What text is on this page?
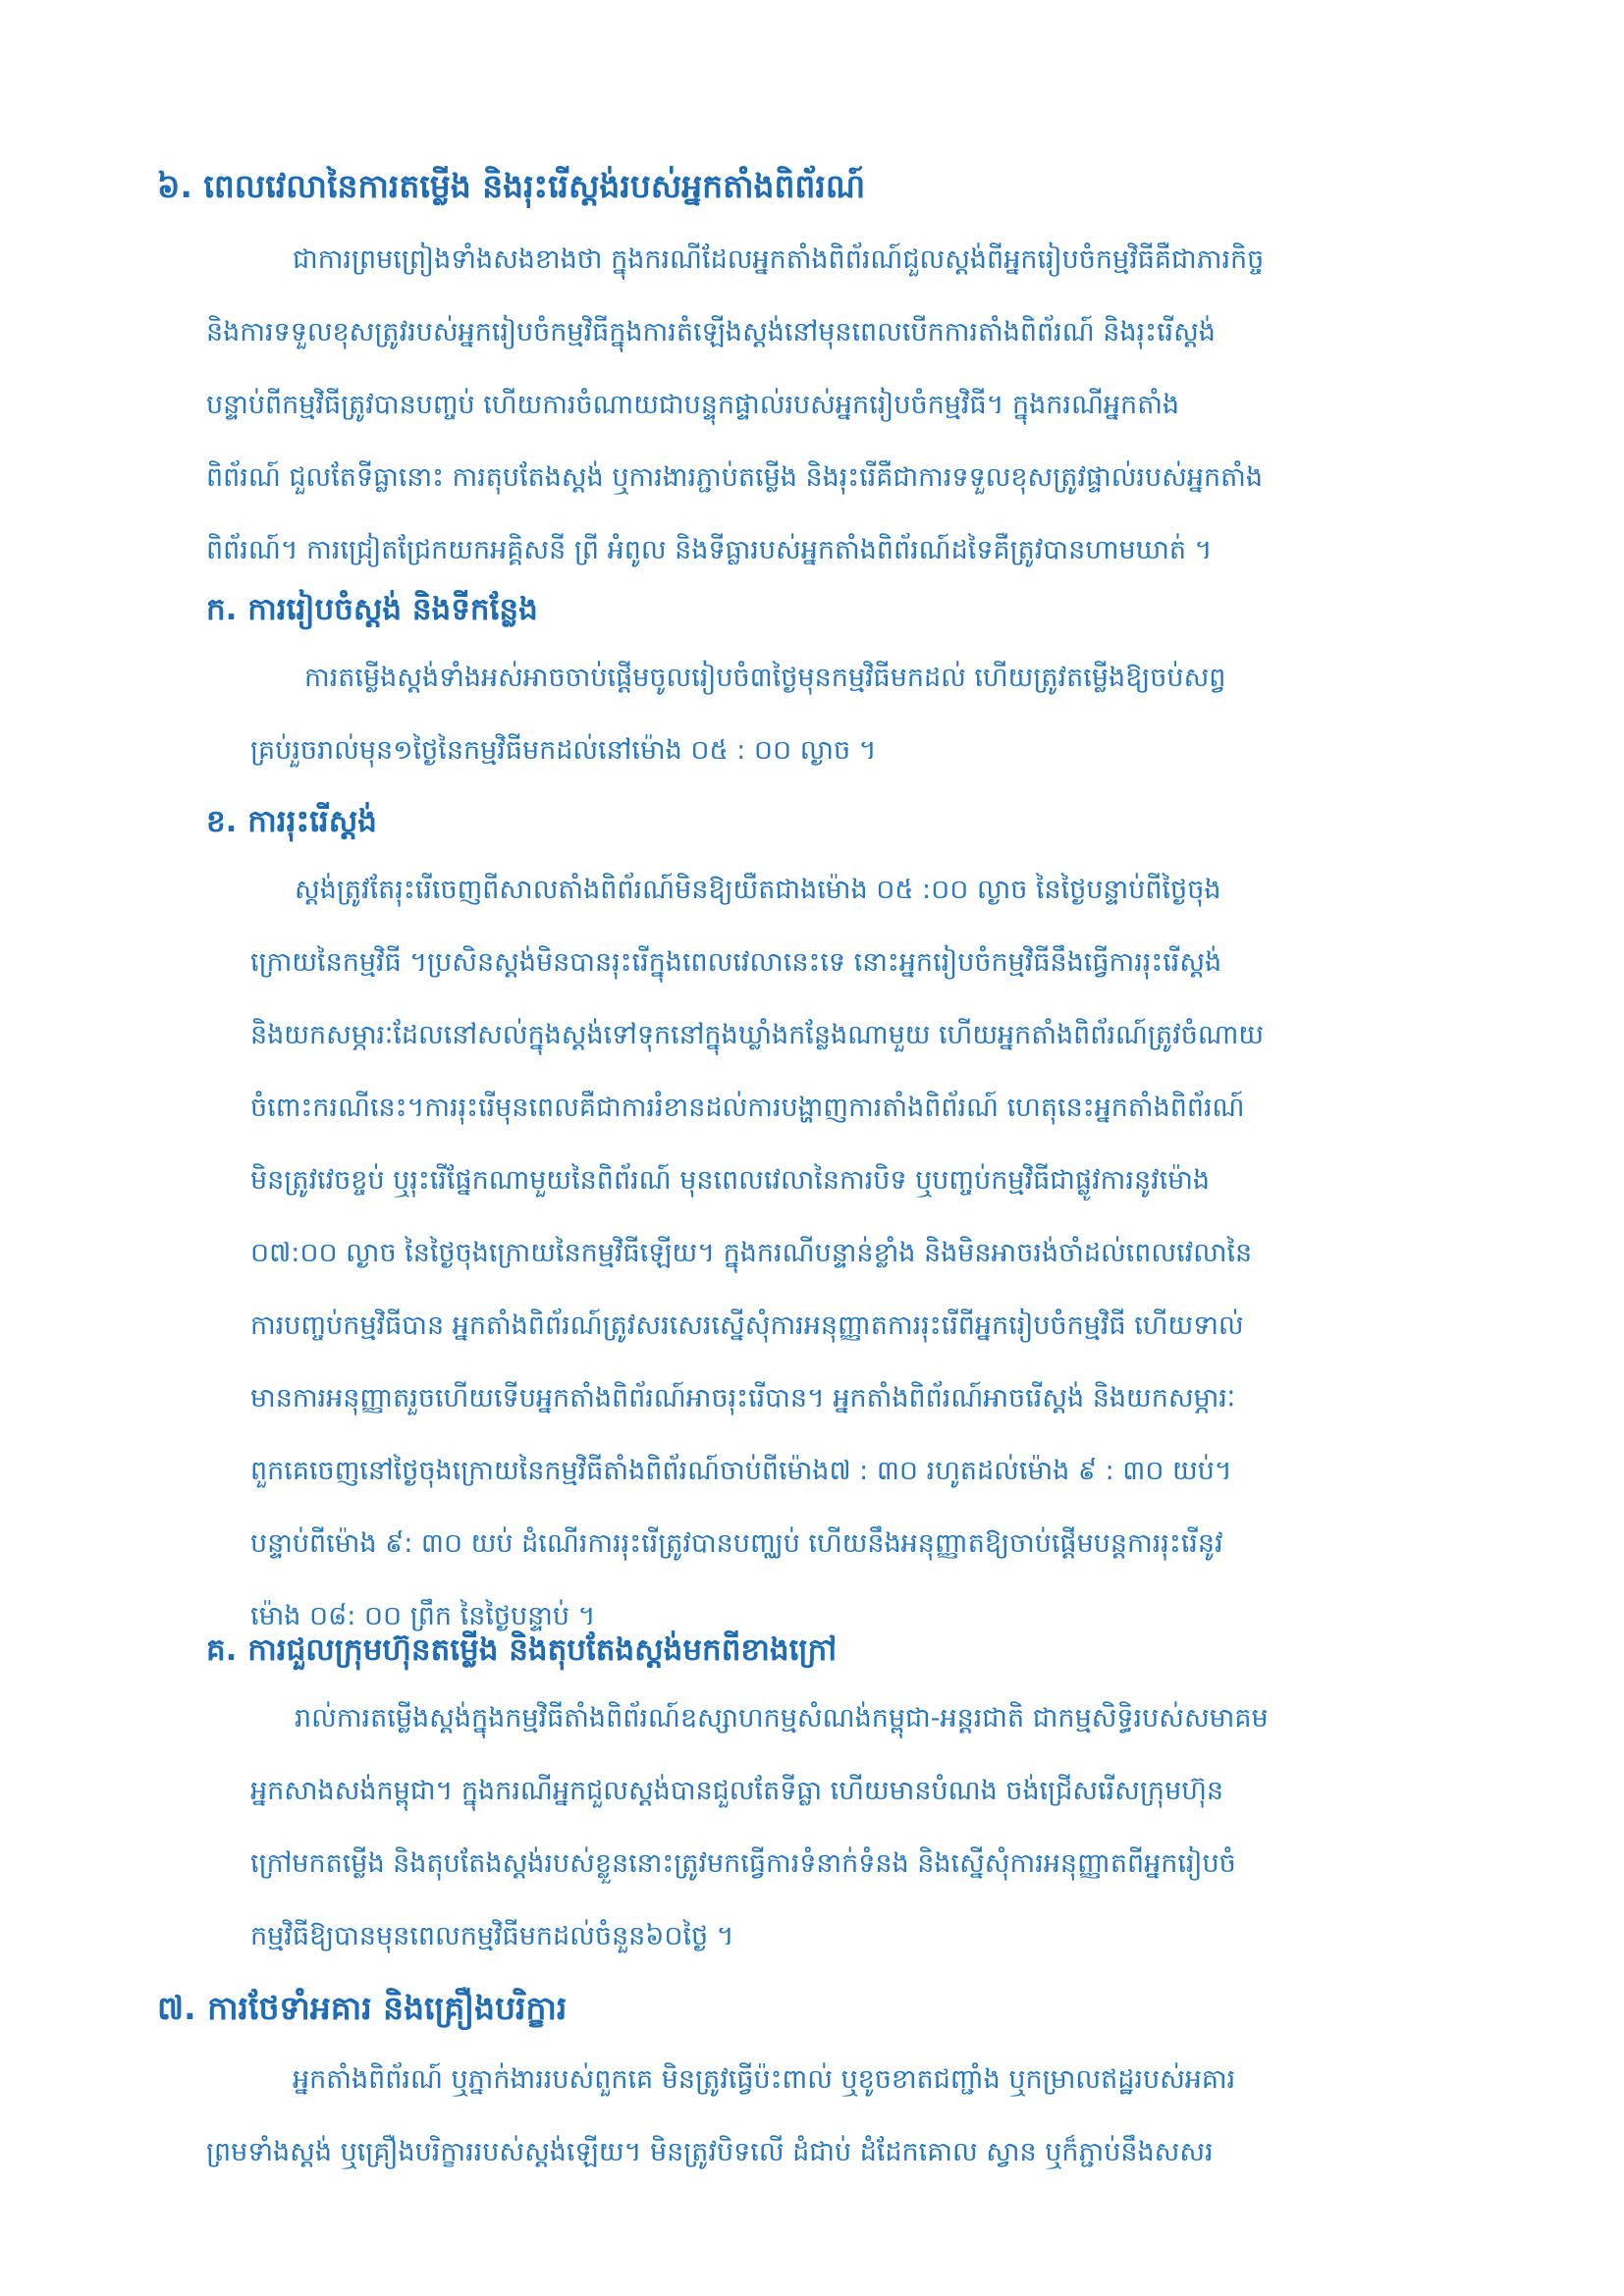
៦. ពេលវេលានៃការតម្លើង និងរុះរើស្តង់របស់អ្នកតាំងពិព័រណ៍
ជាការព្រមព្រៀងទាំងសងខាងថា ក្នុងករណីដែលអ្នកតាំងពិព័រណ៍ជួលស្តង់ពីអ្នករៀបចំកម្មវិធីគឺជាភារកិច្ច
និងការទទួលខុសត្រូវរបស់អ្នករៀបចំកម្មវិធីក្នុងការតំឡើងស្តង់នៅមុនពេលបើកការតាំងពិព័រណ៍ និងរុះរើស្តង់
បន្ទាប់ពីកម្មវិធីត្រូវបានបញ្ចប់ ហើយការចំណាយជាបន្ទុកផ្ទាល់របស់អ្នករៀបចំកម្មវិធី។ ក្នុងករណីអ្នកតាំង
ពិព័រណ៍ ជួលតែទីធ្លានោះ ការតុបតែងស្តង់ ឬការងារភ្ជាប់តម្លើង និងរុះរើគឺជាការទទួលខុសត្រូវផ្ទាល់របស់អ្នកតាំង
ពិព័រណ៍។ ការជ្រៀតជ្រែកយកអគ្គិសនី ព្រី អំពូល និងទីធ្លារបស់អ្នកតាំងពិព័រណ៍ដទៃគឺត្រូវបានហាមឃាត់ ។
ក. ការរៀបចំស្តង់ និងទីកន្លែង
ការតម្លើងស្តង់ទាំងអស់អាចចាប់ផ្តើមចូលរៀបចំ៣ថ្ងៃមុនកម្មវិធីមកដល់ ហើយត្រូវតម្លើងឱ្យចប់សព្វ
គ្រប់រួចរាល់មុន១ថ្ងៃនៃកម្មវិធីមកដល់នៅម៉ោង ០៥ : ០០ ល្ងាច ។
ខ. ការរុះរើស្តង់
ស្តង់ត្រូវតែរុះរើចេញពីសាលតាំងពិព័រណ៍មិនឱ្យយឺតជាងម៉ោង ០៥ :០០ ល្ងាច នៃថ្ងៃបន្ទាប់ពីថ្ងៃចុង
ក្រោយនៃកម្មវិធី ។ប្រសិនស្តង់មិនបានរុះរើក្នុងពេលវេលានេះទេ នោះអ្នករៀបចំកម្មវិធីនឹងធ្វើការរុះរើស្តង់
និងយកសម្ភារៈដែលនៅសល់ក្នុងស្តង់ទៅទុកនៅក្នុងឃ្លាំងកន្លែងណាមួយ ហើយអ្នកតាំងពិព័រណ៍ត្រូវចំណាយ
ចំពោះករណីនេះ។ការរុះរើមុនពេលគឺជាការរំខានដល់ការបង្ហាញការតាំងពិព័រណ៍ ហេតុនេះអ្នកតាំងពិព័រណ៍
មិនត្រូវវេចខ្ចប់ ឬរុះរើផ្នែកណាមួយនៃពិព័រណ៍ មុនពេលវេលានៃការបិទ ឬបញ្ចប់កម្មវិធីជាផ្លូវការនូវម៉ោង
០៧:០០ ល្ងាច នៃថ្ងៃចុងក្រោយនៃកម្មវិធីឡើយ។ ក្នុងករណីបន្ទាន់ខ្លាំង និងមិនអាចរង់ចាំដល់ពេលវេលានៃ
ការបញ្ចប់កម្មវិធីបាន អ្នកតាំងពិព័រណ៍ត្រូវសរសេរស្នើសុំការអនុញ្ញាតការរុះរើពីអ្នករៀបចំកម្មវិធី ហើយទាល់
មានការអនុញ្ញាតរួចហើយទើបអ្នកតាំងពិព័រណ៍អាចរុះរើបាន។ អ្នកតាំងពិព័រណ៍អាចរើស្តង់ និងយកសម្ភារៈ
ពួកគេចេញនៅថ្ងៃចុងក្រោយនៃកម្មវិធីតាំងពិព័រណ៍ចាប់ពីម៉ោង៧ : ៣០ រហូតដល់ម៉ោង ៩ : ៣០ យប់។
បន្ទាប់ពីម៉ោង ៩: ៣០ យប់ ដំណើរការរុះរើត្រូវបានបញ្ឈប់ ហើយនឹងអនុញ្ញាតឱ្យចាប់ផ្តើមបន្តការរុះរើនូវ
ម៉ោង ០៨: ០០ ព្រឹក នៃថ្ងៃបន្ទាប់ ។
គ. ការជួលក្រុមហ៊ុនតម្លើង និងតុបតែងស្តង់មកពីខាងក្រៅ
រាល់ការតម្លើងស្តង់ក្នុងកម្មវិធីតាំងពិព័រណ៍ឧស្សាហកម្មសំណង់កម្ពុជា-អន្តរជាតិ ជាកម្មសិទ្ធិរបស់សមាគម
អ្នកសាងសង់កម្ពុជា។ ក្នុងករណីអ្នកជួលស្តង់បានជួលតែទីធ្លា ហើយមានបំណង ចង់ជ្រើសរើសក្រុមហ៊ុន
ក្រៅមកតម្លើង និងតុបតែងស្តង់របស់ខ្លួននោះត្រូវមកធ្វើការទំនាក់ទំនង និងស្នើសុំការអនុញ្ញាតពីអ្នករៀបចំ
កម្មវិធីឱ្យបានមុនពេលកម្មវិធីមកដល់ចំនួន៦០ថ្ងៃ ។
៧. ការថែទាំអគារ និងគ្រឿងបរិក្ខារ
អ្នកតាំងពិព័រណ៍ ឬភ្នាក់ងាររបស់ពួកគេ មិនត្រូវធ្វើប៉ះពាល់ ឬខូចខាតជញ្ជាំង ឬកម្រាលឥដ្ឋរបស់អគារ
ព្រមទាំងស្តង់ ឬគ្រឿងបរិក្ខាររបស់ស្តង់ឡើយ។ មិនត្រូវបិទលើ ដំជាប់ ដំដែកគោល ស្វាន ឬក៏ភ្ជាប់នឹងសសរ
